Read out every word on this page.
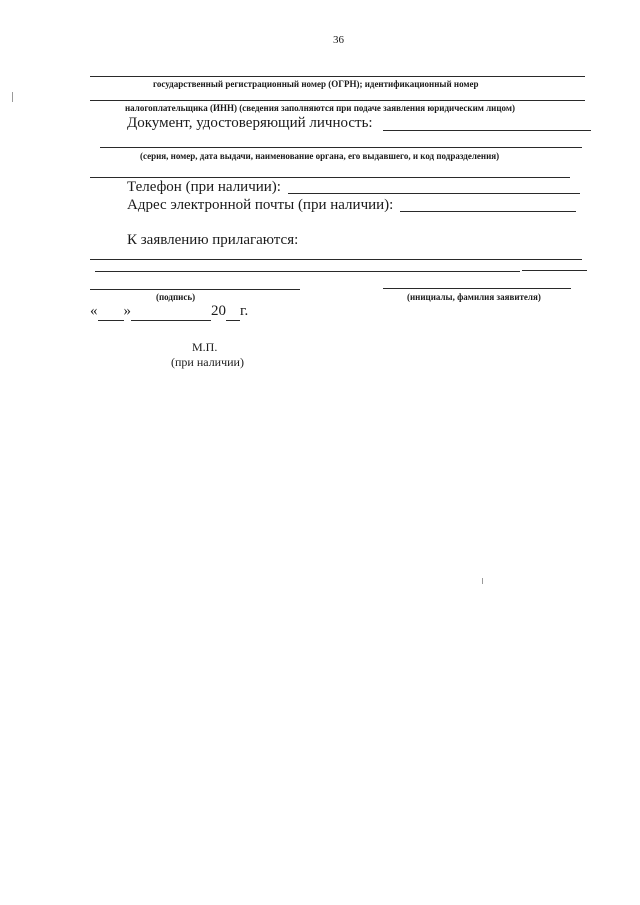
36
государственный регистрационный номер (ОГРН); идентификационный номер
налогоплательщика (ИНН) (сведения заполняются при подаче заявления юридическим лицом)
Документ, удостоверяющий личность:
(серия, номер, дата выдачи, наименование органа, его выдавшего, и код подразделения)
Телефон (при наличии):
Адрес электронной почты (при наличии):
К заявлению прилагаются:
(подпись)	(инициалы, фамилия заявителя)
« »	20 г.
М.П.
(при наличии)
